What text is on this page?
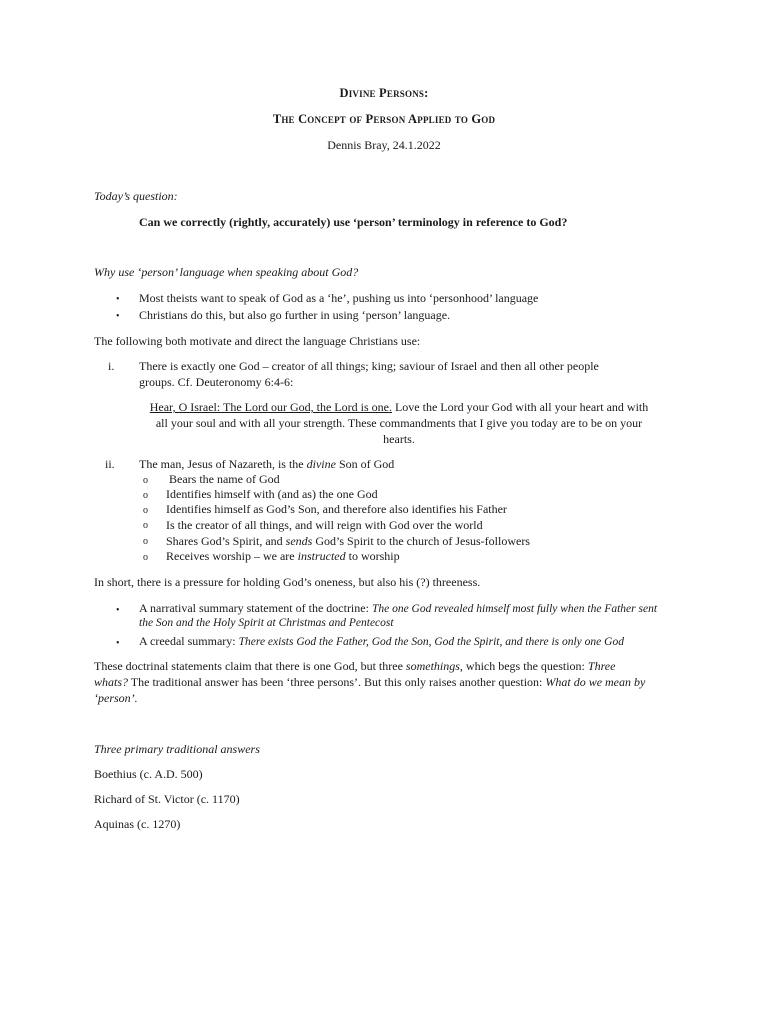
Divine Persons:
The Concept of Person Applied to God
Dennis Bray, 24.1.2022
Today’s question:
Can we correctly (rightly, accurately) use ‘person’ terminology in reference to God?
Why use ‘person’ language when speaking about God?
• Most theists want to speak of God as a ‘he’, pushing us into ‘personhood’ language
• Christians do this, but also go further in using ‘person’ language.
The following both motivate and direct the language Christians use:
i. There is exactly one God – creator of all things; king; saviour of Israel and then all other people
groups. Cf. Deuteronomy 6:4-6:
Hear, O Israel: The Lord our God, the Lord is one. Love the Lord your God with all your heart and with
all your soul and with all your strength. These commandments that I give you today are to be on your
hearts.
ii. The man, Jesus of Nazareth, is the divine Son of God
o Bears the name of God
o Identifies himself with (and as) the one God
o Identifies himself as God’s Son, and therefore also identifies his Father
o Is the creator of all things, and will reign with God over the world
o Shares God’s Spirit, and sends God’s Spirit to the church of Jesus-followers
o Receives worship – we are instructed to worship
In short, there is a pressure for holding God’s oneness, but also his (?) threeness.
• A narratival summary statement of the doctrine: The one God revealed himself most fully when the Father sent
the Son and the Holy Spirit at Christmas and Pentecost
• A creedal summary: There exists God the Father, God the Son, God the Spirit, and there is only one God
These doctrinal statements claim that there is one God, but three somethings, which begs the question: Three
whats? The traditional answer has been ‘three persons’. But this only raises another question: What do we mean by
‘person’.
Three primary traditional answers
Boethius (c. A.D. 500)
Richard of St. Victor (c. 1170)
Aquinas (c. 1270)
